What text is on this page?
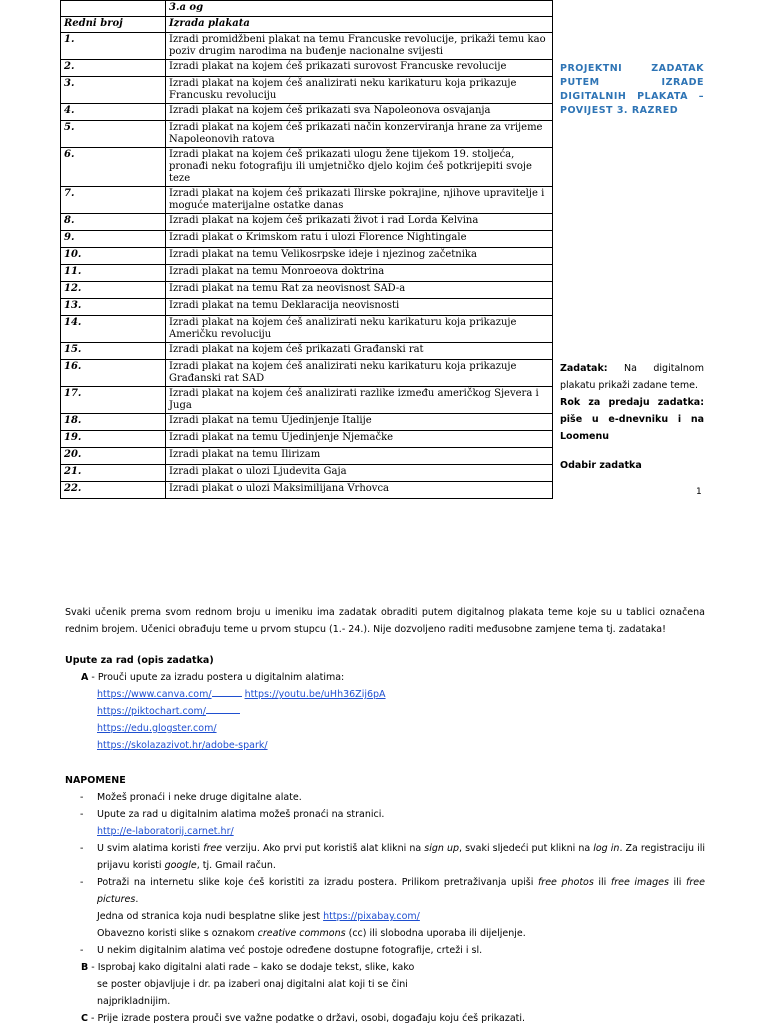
	3.a og
Redni broj	Izrada plakata
1.	Izradi promidžbeni plakat na temu Francuske revolucije, prikaži temu kao poziv drugim narodima na buđenje nacionalne svijesti
2.	Izradi plakat na kojem ćeš prikazati surovost Francuske revolucije
3.	Izradi plakat na kojem ćeš analizirati neku karikaturu koja prikazuje Francusku revoluciju
4.	Izradi plakat na kojem ćeš prikazati sva Napoleonova osvajanja
5.	Izradi plakat na kojem ćeš prikazati način konzerviranja hrane za vrijeme Napoleonovih ratova
6.	Izradi plakat na kojem ćeš prikazati ulogu žene tijekom 19. stoljeća, pronađi neku fotografiju ili umjetničko djelo kojim ćeš potkrijepiti svoje teze
7.	Izradi plakat na kojem ćeš prikazati Ilirske pokrajine, njihove upravitelje i moguće materijalne ostatke danas
8.	Izradi plakat na kojem ćeš prikazati život i rad Lorda Kelvina
9.	Izradi plakat o Krimskom ratu i ulozi Florence Nightingale
10.	Izradi plakat na temu Velikosrpske ideje i njezinog začetnika
11.	Izradi plakat na temu Monroeova doktrina
12.	Izradi plakat na temu Rat za neovisnost SAD-a
13.	Izradi plakat na temu Deklaracija neovisnosti
14.	Izradi plakat na kojem ćeš analizirati neku karikaturu koja prikazuje Američku revoluciju
15.	Izradi plakat na kojem ćeš prikazati Građanski rat
16.	Izradi plakat na kojem ćeš analizirati neku karikaturu koja prikazuje Građanski rat SAD
17.	Izradi plakat na kojem ćeš analizirati razlike između američkog Sjevera i Juga
18.	Izradi plakat na temu Ujedinjenje Italije
19.	Izradi plakat na temu Ujedinjenje Njemačke
20.	Izradi plakat na temu Ilirizam
21.	Izradi plakat o ulozi Ljudevita Gaja
22.	Izradi plakat o ulozi Maksimilijana Vrhovca
PROJEKTNI ZADATAK PUTEM IZRADE DIGITALNIH PLAKATA – POVIJEST 3. RAZRED
Zadatak: Na digitalnom plakatu prikaži zadane teme.
Rok za predaju zadatka: piše u e-dnevniku i na Loomenu
Odabir zadatka
1

Svaki učenik prema svom rednom broju u imeniku ima zadatak obraditi putem digitalnog plakata teme koje su u tablici označena rednim brojem. Učenici obrađuju teme u prvom stupcu (1.- 24.). Nije dozvoljeno raditi međusobne zamjene tema tj. zadataka!

Upute za rad (opis zadatka)

A - Prouči upute za izradu postera u digitalnim alatima:

https://www.canva.com/	https://youtu.be/uHh36Zij6pA
https://piktochart.com/
https://edu.glogster.com/
https://skolazazivot.hr/adobe-spark/

NAPOMENE

- Možeš pronaći i neke druge digitalne alate.
- Upute za rad u digitalnim alatima možeš pronaći na stranici.
http://e-laboratorij.carnet.hr/
- U svim alatima koristi free verziju. Ako prvi put koristiš alat klikni na sign up, svaki sljedeći put klikni na log in. Za registraciju ili prijavu koristi google, tj. Gmail račun.
- Potraži na internetu slike koje ćeš koristiti za izradu postera. Prilikom pretraživanja upiši free photos ili free images ili free pictures.
Jedna od stranica koja nudi besplatne slike jest https://pixabay.com/
Obavezno koristi slike s oznakom creative commons (cc) ili slobodna uporaba ili dijeljenje.
- U nekim digitalnim alatima već postoje određene dostupne fotografije, crteži i sl.

B - Isprobaj kako digitalni alati rade – kako se dodaje tekst, slike, kako

se poster objavljuje i dr. pa izaberi onaj digitalni alat koji ti se čini

najprikladnijim.

C - Prije izrade postera prouči sve važne podatke o državi, osobi, događaju koju ćeš prikazati.
